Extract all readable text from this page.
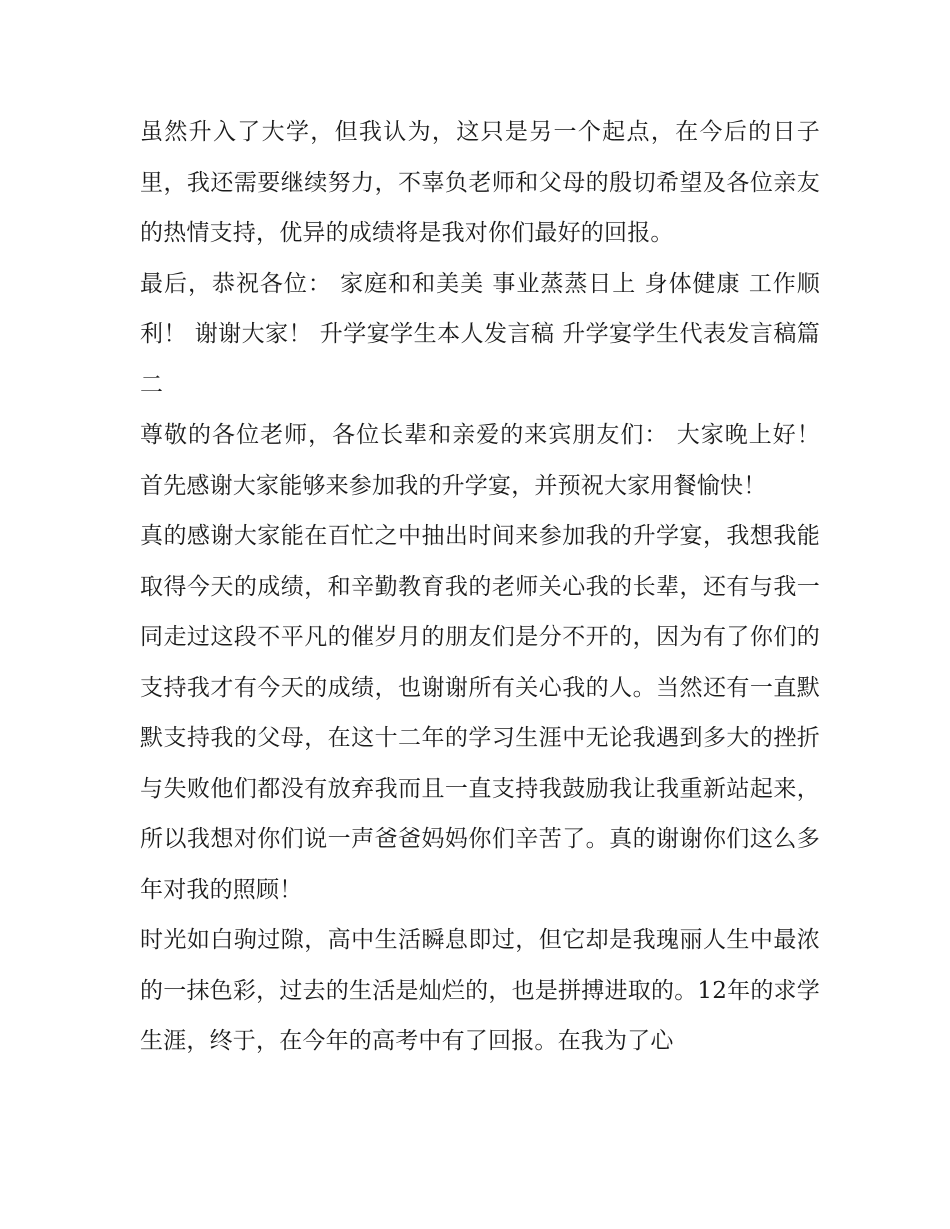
虽然升入了大学，但我认为，这只是另一个起点，在今后的日子里，我还需要继续努力，不辜负老师和父母的殷切希望及各位亲友的热情支持，优异的成绩将是我对你们最好的回报。

最后，恭祝各位： 家庭和和美美 事业蒸蒸日上 身体健康 工作顺利！ 谢谢大家！ 升学宴学生本人发言稿 升学宴学生代表发言稿篇二

尊敬的各位老师，各位长辈和亲爱的来宾朋友们： 大家晚上好！ 首先感谢大家能够来参加我的升学宴，并预祝大家用餐愉快！

真的感谢大家能在百忙之中抽出时间来参加我的升学宴，我想我能取得今天的成绩，和辛勤教育我的老师关心我的长辈，还有与我一同走过这段不平凡的催岁月的朋友们是分不开的，因为有了你们的支持我才有今天的成绩，也谢谢所有关心我的人。当然还有一直默默支持我的父母，在这十二年的学习生涯中无论我遇到多大的挫折与失败他们都没有放弃我而且一直支持我鼓励我让我重新站起来，所以我想对你们说一声爸爸妈妈你们辛苦了。真的谢谢你们这么多年对我的照顾！

时光如白驹过隙，高中生活瞬息即过，但它却是我瑰丽人生中最浓的一抹色彩，过去的生活是灿烂的，也是拼搏进取的。12年的求学生涯，终于，在今年的高考中有了回报。在我为了心
